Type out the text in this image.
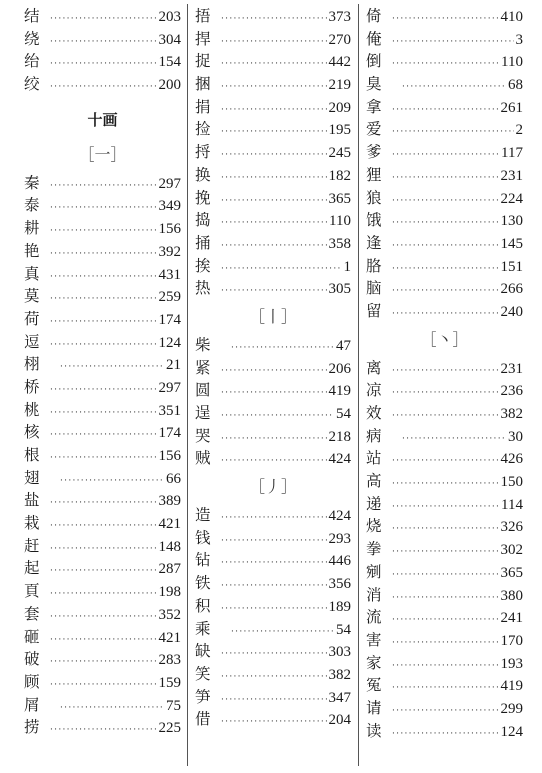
结 ·····	203
绕 ·····	304
绐 ·····	154
绞 ·····	200
十画
［一］
秦 ·····	297
泰 ·····	349
耕 ·····	156
艳 ·····	392
真 ·····	431
莫 ·····	259
荷 ·····	174
逗 ·····	124
栩 ·····	21
桥 ·····	297
桃 ·····	351
核 ·····	174
根 ·····	156
翅 ·····	66
盐 ·····	389
栽 ·····	421
赶 ·····	148
起 ·····	287
頁 ·····	198
套 ·····	352
砸 ·····	421
破 ·····	283
顾 ·····	159
屑 ·····	75
捞 ·····	225
捂 ·····	373
捍 ·····	270
捉 ·····	442
捆 ·····	219
捐 ·····	209
捡 ·····	195
捋 ·····	245
换 ·····	182
挽 ·····	365
捣 ·····	110
捅 ·····	358
挨 ·····	1
热 ·····	305
［丨］
柴 ·····	47
紧 ·····	206
圆 ·····	419
逞 ·····	54
哭 ·····	218
贼 ·····	424
［丿］
造 ·····	424
钱 ·····	293
钻 ·····	446
铁 ·····	356
积 ·····	189
乘 ·····	54
缺 ·····	303
笑 ·····	382
笋 ·····	347
借 ·····	204
倚 ·····	410
俺 ·····	3
倒 ·····	110
臭 ·····	68
拿 ·····	261
爱 ·····	2
爹 ·····	117
狸 ·····	231
狼 ·····	224
饿 ·····	130
逢 ·····	145
胳 ·····	151
脑 ·····	266
留 ·····	240
［丶］
离 ·····	231
凉 ·····	236
效 ·····	382
病 ·····	30
站 ·····	426
高 ·····	150
递 ·····	114
烧 ·····	326
拳 ·····	302
剜 ·····	365
消 ·····	380
流 ·····	241
害 ·····	170
家 ·····	193
冤 ·····	419
请 ·····	299
读 ·····	124
